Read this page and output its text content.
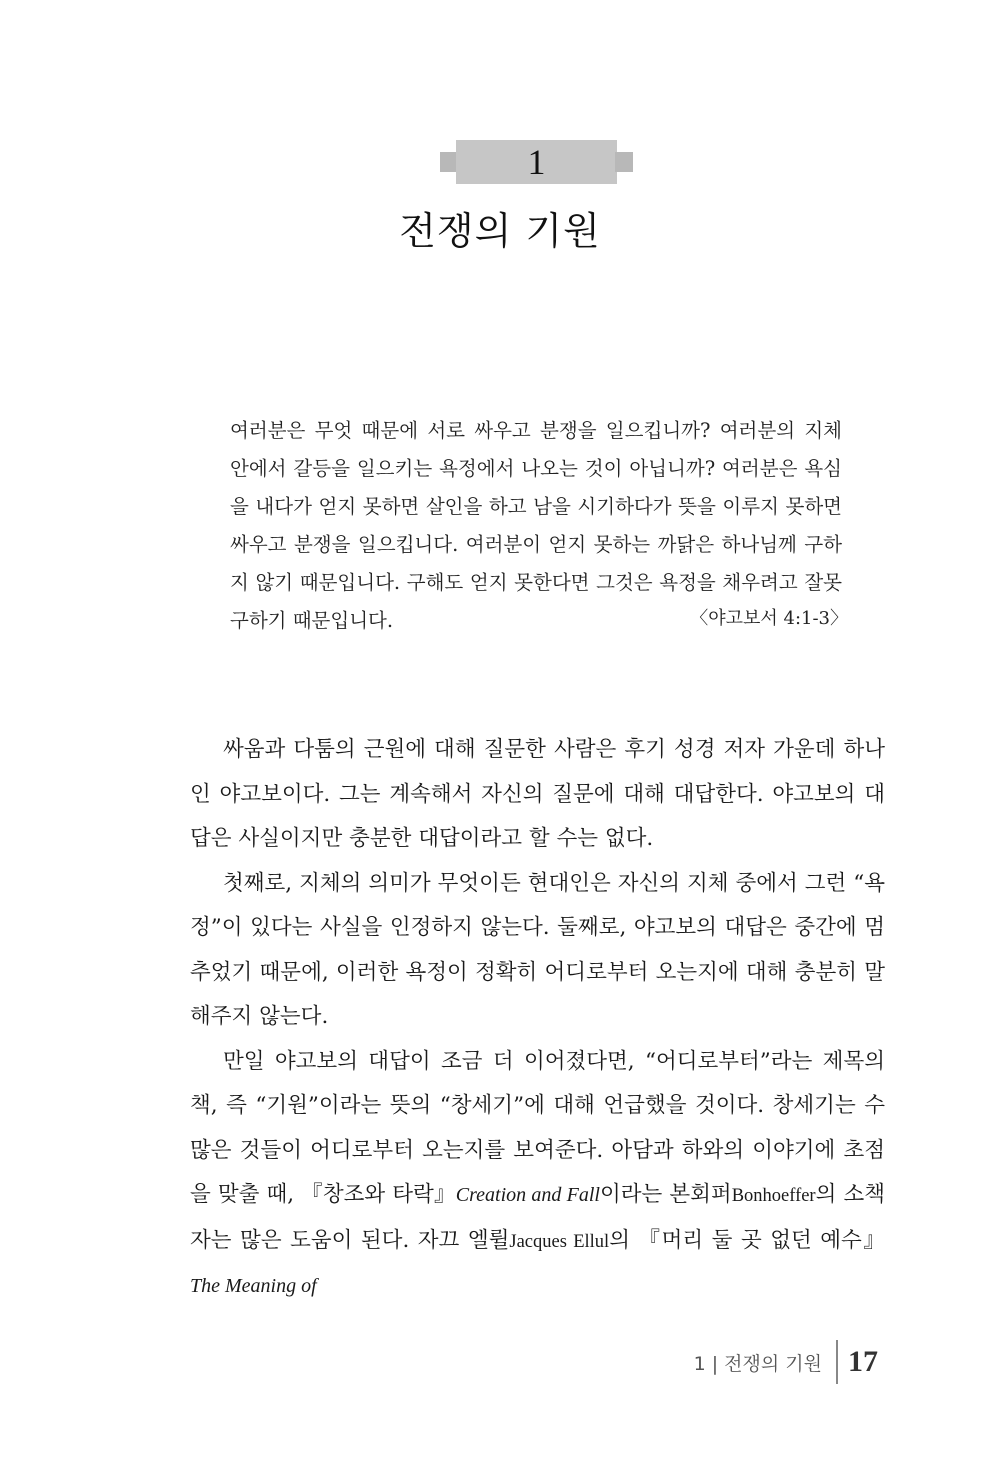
1
전쟁의 기원

여러분은 무엇 때문에 서로 싸우고 분쟁을 일으킵니까? 여러분의 지체 안에서 갈등을 일으키는 욕정에서 나오는 것이 아닙니까? 여러분은 욕심을 내다가 얻지 못하면 살인을 하고 남을 시기하다가 뜻을 이루지 못하면 싸우고 분쟁을 일으킵니다. 여러분이 얻지 못하는 까닭은 하나님께 구하지 않기 때문입니다. 구해도 얻지 못한다면 그것은 욕정을 채우려고 잘못 구하기 때문입니다.	〈야고보서 4:1-3〉

싸움과 다툼의 근원에 대해 질문한 사람은 후기 성경 저자 가운데 하나인 야고보이다. 그는 계속해서 자신의 질문에 대해 대답한다. 야고보의 대답은 사실이지만 충분한 대답이라고 할 수는 없다.

첫째로, 지체의 의미가 무엇이든 현대인은 자신의 지체 중에서 그런 “욕정”이 있다는 사실을 인정하지 않는다. 둘째로, 야고보의 대답은 중간에 멈추었기 때문에, 이러한 욕정이 정확히 어디로부터 오는지에 대해 충분히 말해주지 않는다.

만일 야고보의 대답이 조금 더 이어졌다면, “어디로부터”라는 제목의 책, 즉 “기원”이라는 뜻의 “창세기”에 대해 언급했을 것이다. 창세기는 수많은 것들이 어디로부터 오는지를 보여준다. 아담과 하와의 이야기에 초점을 맞출 때, 『창조와 타락』Creation and Fall이라는 본회퍼Bonhoeffer의 소책자는 많은 도움이 된다. 자끄 엘륄Jacques Ellul의 『머리 둘 곳 없던 예수』The Meaning of

1 | 전쟁의 기원 17
